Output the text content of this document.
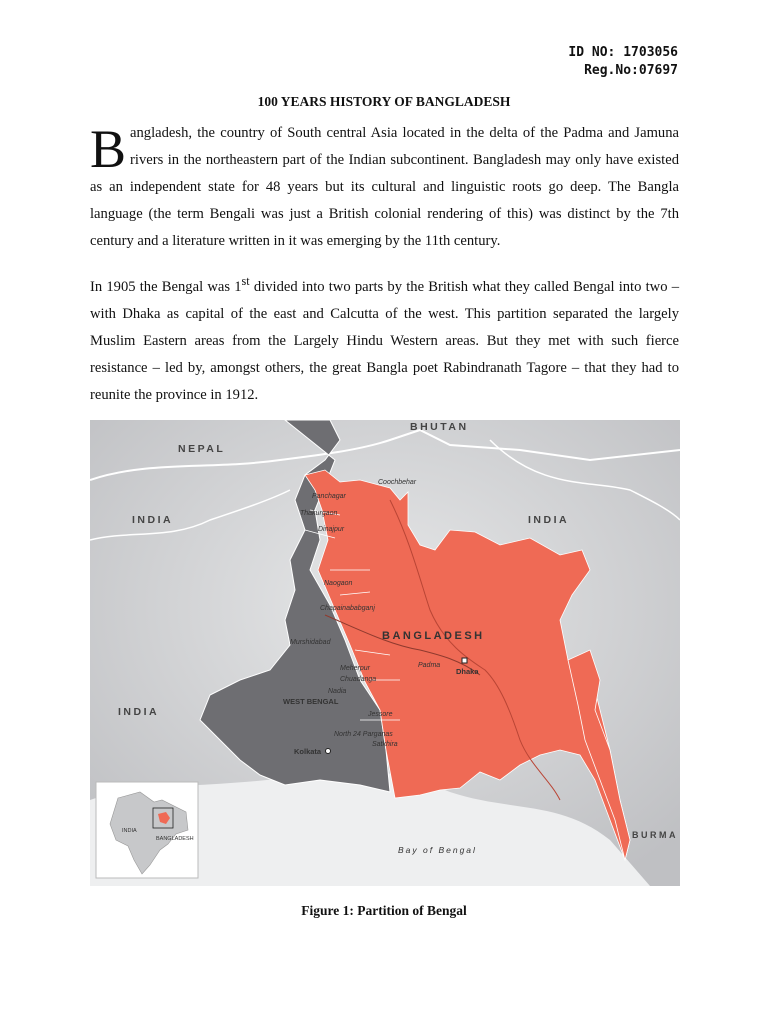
ID NO: 1703056
Reg.No:07697
100 YEARS HISTORY OF BANGLADESH

Bangladesh, the country of South central Asia located in the delta of the Padma and Jamuna rivers in the northeastern part of the Indian subcontinent. Bangladesh may only have existed as an independent state for 48 years but its cultural and linguistic roots go deep. The Bangla language (the term Bengali was just a British colonial rendering of this) was distinct by the 7th century and a literature written in it was emerging by the 11th century.

In 1905 the Bengal was 1st divided into two parts by the British what they called Bengal into two – with Dhaka as capital of the east and Calcutta of the west. This partition separated the largely Muslim Eastern areas from the Largely Hindu Western areas. But they met with such fierce resistance – led by, amongst others, the great Bangla poet Rabindranath Tagore – that they had to reunite the province in 1912.

NEPAL
BHUTAN
INDIA	INDIA
INDIA
BANGLADESH
BURMA
WEST BENGAL
Panchagar
Thakurgaon
Dinajpur
Coochbehar
Naogaon
Chapainababganj
Murshidabad
Meherpur
Chuadanga
Nadia
Jessore
North 24 Parganas
Satkhira
Dhaka
Kolkata
Padma
Bay of Bengal
INDIA
BANGLADESH
Figure 1: Partition of Bengal
